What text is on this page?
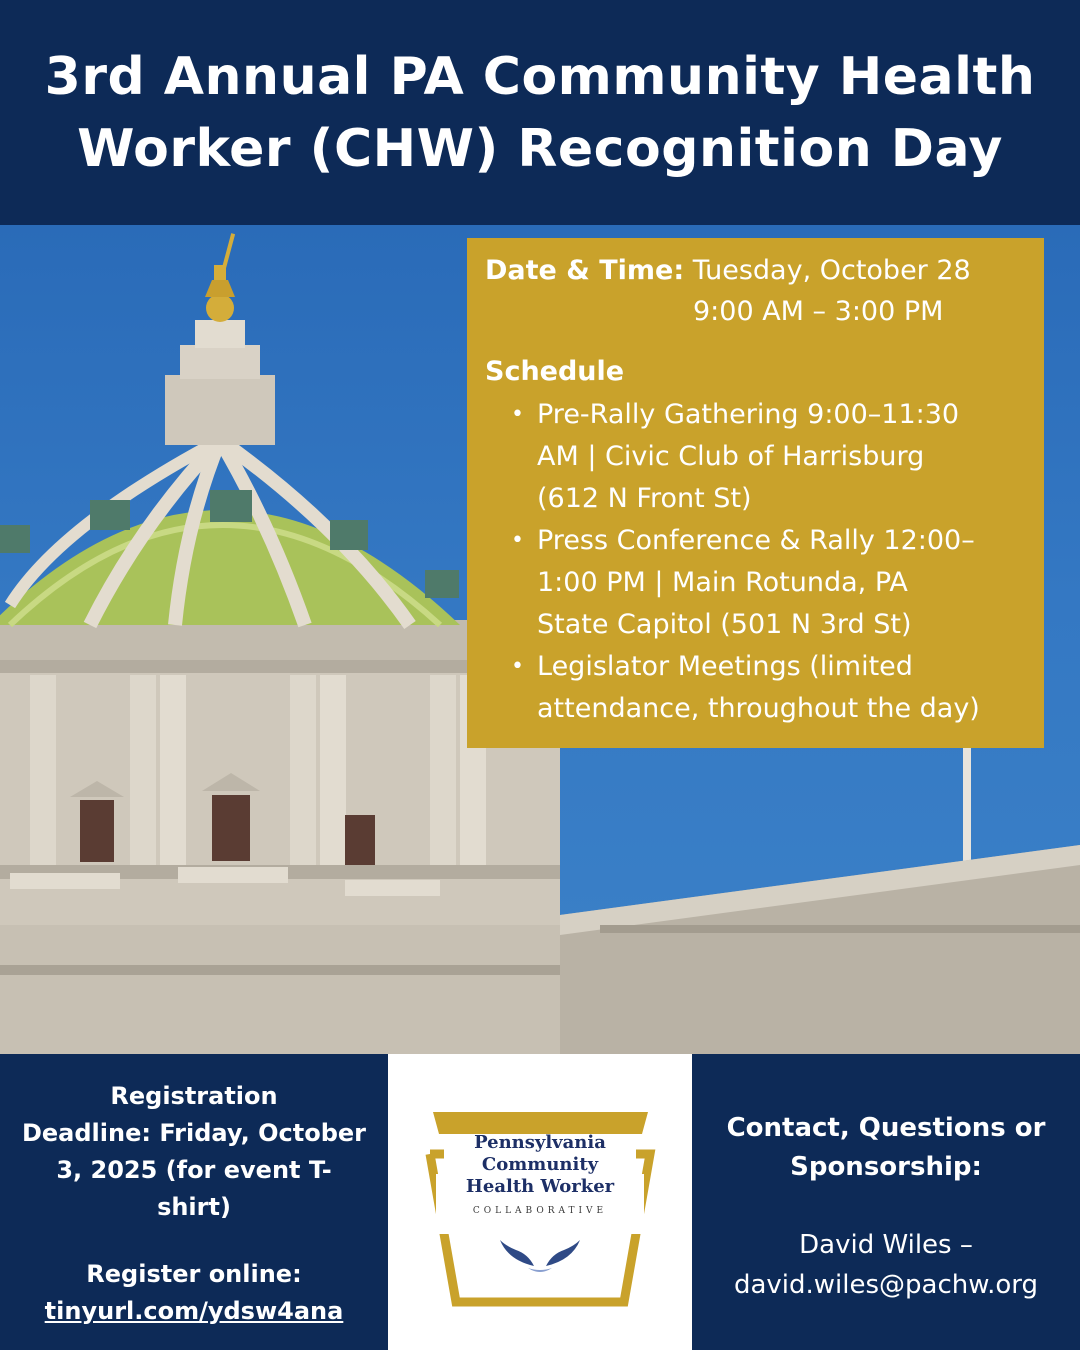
3rd Annual PA Community Health
Worker (CHW) Recognition Day
Date & Time: Tuesday, October 28
9:00 AM – 3:00 PM
Schedule
• Pre-Rally Gathering 9:00–11:30
AM | Civic Club of Harrisburg
(612 N Front St)
• Press Conference & Rally 12:00–
1:00 PM | Main Rotunda, PA
State Capitol (501 N 3rd St)
• Legislator Meetings (limited
attendance, throughout the day)
Registration
Deadline: Friday, October
3, 2025 (for event T-
shirt)
Register online:
tinyurl.com/ydsw4ana
Pennsylvania
Community
Health Worker
COLLABORATIVE
Contact, Questions or
Sponsorship:
David Wiles –
david.wiles@pachw.org
